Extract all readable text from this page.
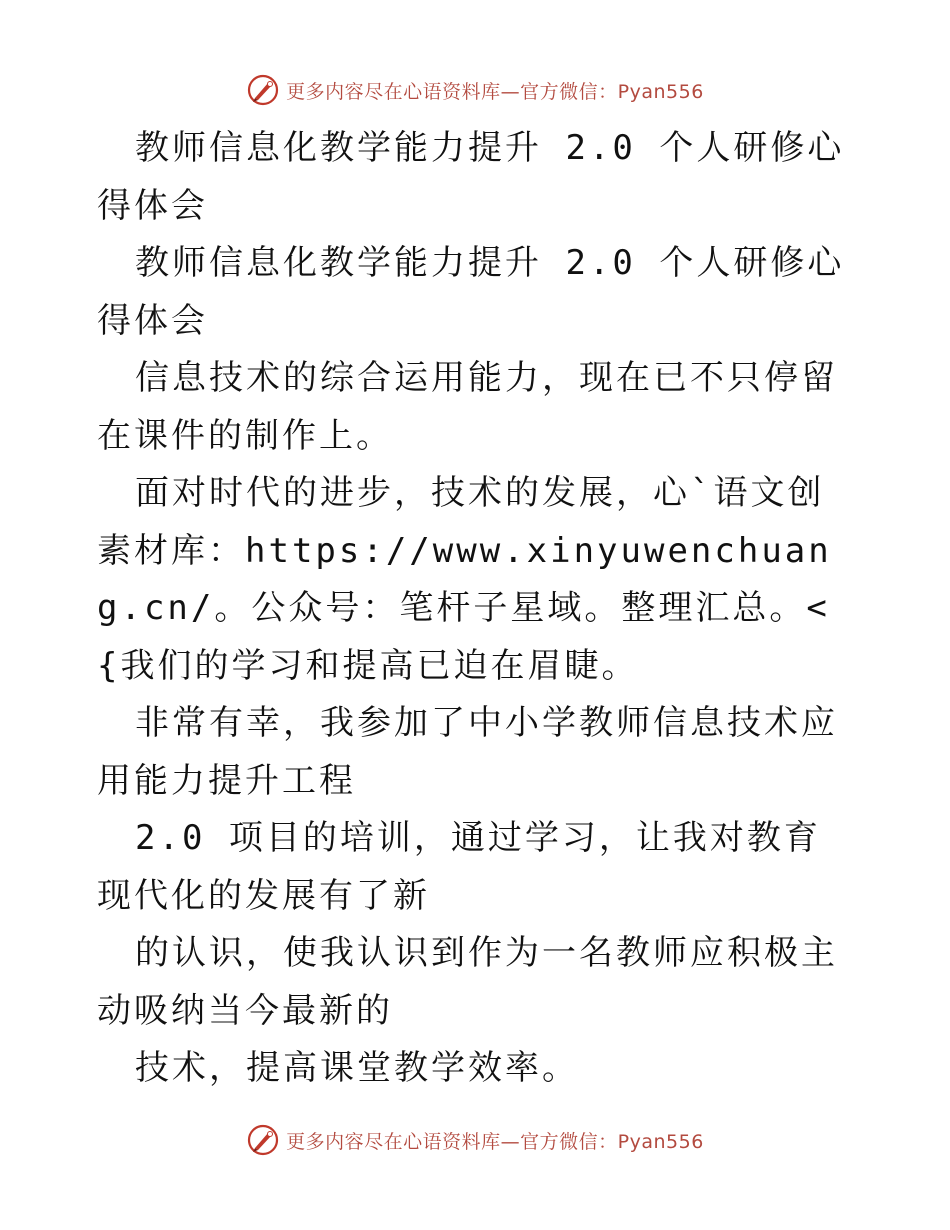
更多内容尽在心语资料库—官方微信：Pyan556

教师信息化教学能力提升 2.0 个人研修心得体会

教师信息化教学能力提升 2.0 个人研修心得体会

信息技术的综合运用能力，现在已不只停留在课件的制作上。

面对时代的进步，技术的发展，心`语文创素材库：https://www.xinyuwenchuang.cn/。公众号：笔杆子星域。整理汇总。<{我们的学习和提高已迫在眉睫。

非常有幸，我参加了中小学教师信息技术应用能力提升工程

2.0 项目的培训，通过学习，让我对教育现代化的发展有了新

的认识，使我认识到作为一名教师应积极主动吸纳当今最新的

技术，提高课堂教学效率。

更多内容尽在心语资料库—官方微信：Pyan556
